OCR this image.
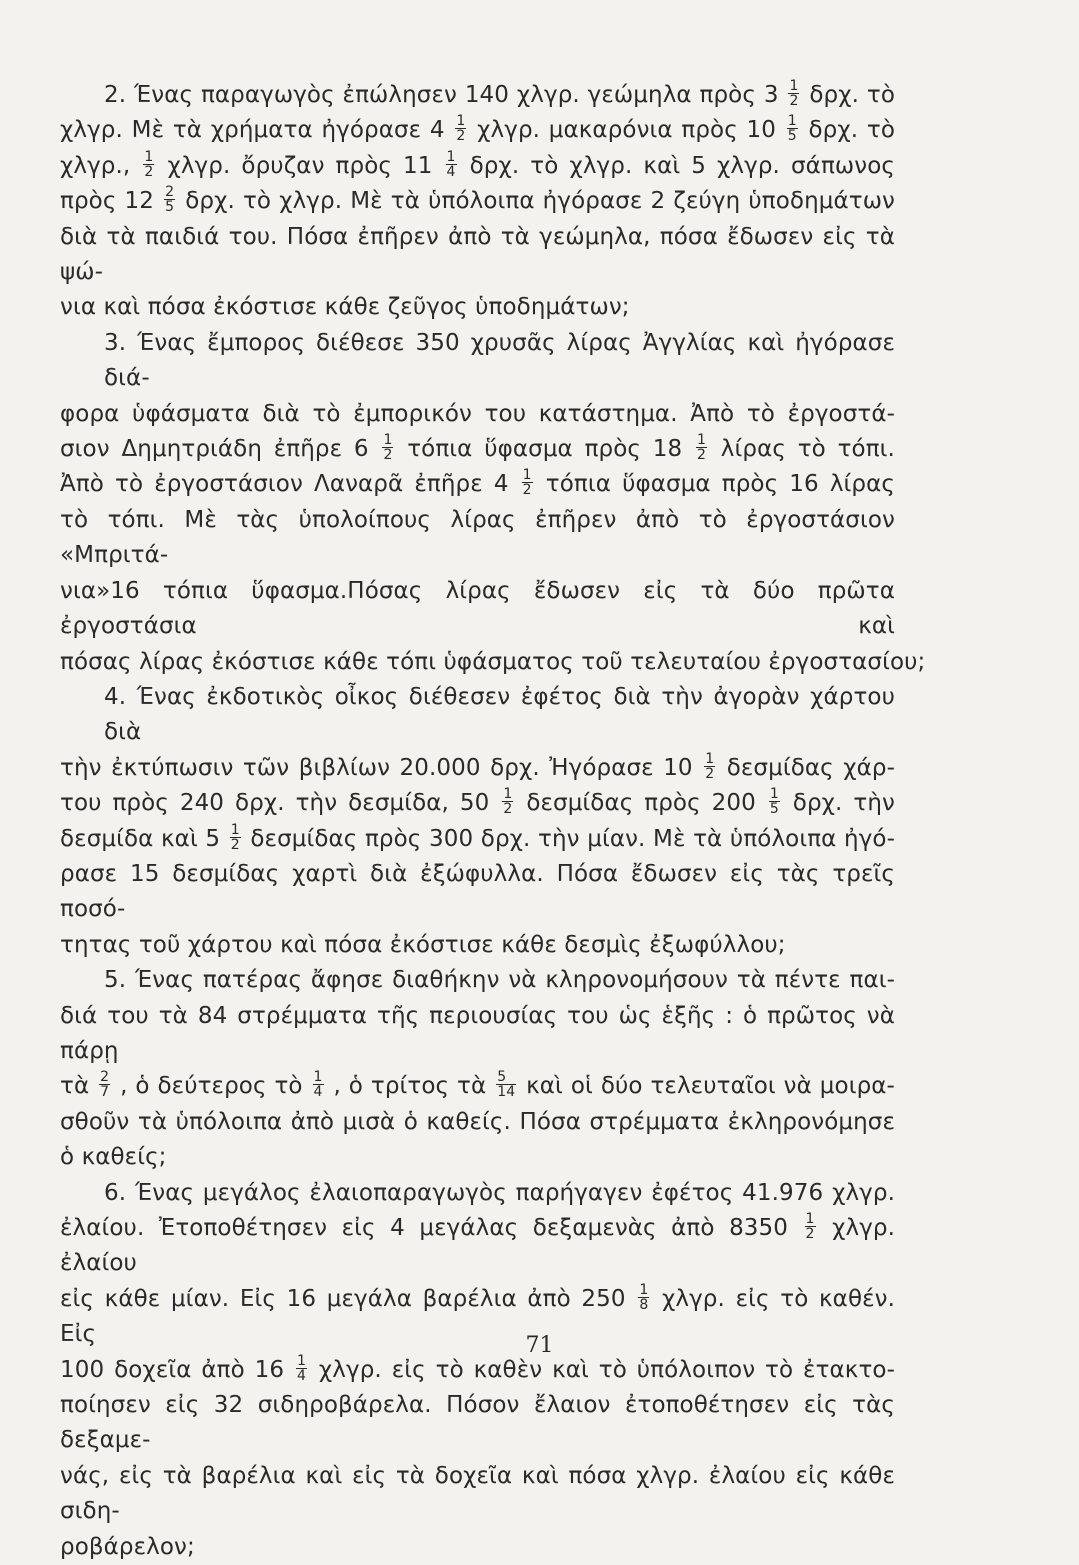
2. Ένας παραγωγὸς ἐπώλησεν 140 χλγρ. γεώμηλα πρὸς $3 \frac{1}{2} \delta\rho\chi$. τὸ
χλγρ. Μὲ τὰ χρήματα ἠγόρασε $4 \frac{1}{2} \chi\lambda\gamma\rho$. μακαρόνια πρὸς $10 \frac{1}{5} \delta\rho\chi$. τὸ
χλγρ., $\frac{1}{2} \chi\lambda\gamma\rho$. ὄρυζαν πρὸς $11 \frac{1}{4} \delta\rho\chi$. τὸ χλγρ. καὶ 5 χλγρ. σάπωνος
πρὸς $12 \frac{2}{5} \delta\rho\chi$. τὸ χλγρ. Μὲ τὰ ὑπόλοιπα ἠγόρασε 2 ζεύγη ὑποδημάτων
διὰ τὰ παιδιά του. Πόσα ἐπῆρεν ἀπὸ τὰ γεώμηλα, πόσα ἔδωσεν εἰς τὰ ψώ-
νια καὶ πόσα ἐκόστισε κάθε ζεῦγος ὑποδημάτων;
3. Ένας ἔμπορος διέθεσε 350 χρυσᾶς λίρας Ἀγγλίας καὶ ἠγόρασε διά-
φορα ὑφάσματα διὰ τὸ ἐμπορικόν του κατάστημα. Ἀπὸ τὸ ἐργοστά-
σιον Δημητριάδη ἐπῆρε $6 \frac{1}{2}$ τόπια ὕφασμα πρὸς $18 \frac{1}{2}$ λίρας τὸ τόπι.
Ἀπὸ τὸ ἐργοστάσιον Λαναρᾶ ἐπῆρε $4 \frac{1}{2}$ τόπια ὕφασμα πρὸς 16 λίρας
τὸ τόπι. Μὲ τὰς ὑπολοίπους λίρας ἐπῆρεν ἀπὸ τὸ ἐργοστάσιον «Μπριτά-
νια»16 τόπια ὕφασμα.Πόσας λίρας ἔδωσεν εἰς τὰ δύο πρῶτα ἐργοστάσια καὶ
πόσας λίρας ἐκόστισε κάθε τόπι ὑφάσματος τοῦ τελευταίου ἐργοστασίου;
4. Ένας ἐκδοτικὸς οἶκος διέθεσεν ἐφέτος διὰ τὴν ἀγορὰν χάρτου διὰ
τὴν ἐκτύπωσιν τῶν βιβλίων 20.000 δρχ. Ἠγόρασε $10 \frac{1}{2}$ δεσμίδας χάρ-
του πρὸς 240 δρχ. τὴν δεσμίδα, $50 \frac{1}{2}$ δεσμίδας πρὸς $200 \frac{1}{5} \delta\rho\chi$. τὴν
δεσμίδα καὶ $5 \frac{1}{2}$ δεσμίδας πρὸς 300 δρχ. τὴν μίαν. Μὲ τὰ ὑπόλοιπα ἠγό-
ρασε 15 δεσμίδας χαρτὶ διὰ ἐξώφυλλα. Πόσα ἔδωσεν εἰς τὰς τρεῖς ποσό-
τητας τοῦ χάρτου καὶ πόσα ἐκόστισε κάθε δεσμὶς ἐξωφύλλου;
5. Ένας πατέρας ἄφησε διαθήκην νὰ κληρονομήσουν τὰ πέντε παι-
διά του τὰ 84 στρέμματα τῆς περιουσίας του ὡς ἑξῆς : ὁ πρῶτος νὰ πάρῃ
τὰ $\frac{2}{7}$ , ὁ δεύτερος τὸ $\frac{1}{4}$ , ὁ τρίτος τὰ $\frac{5}{14}$ καὶ οἱ δύο τελευταῖοι νὰ μοιρα-
σθοῦν τὰ ὑπόλοιπα ἀπὸ μισὰ ὁ καθείς. Πόσα στρέμματα ἐκληρονόμησε
ὁ καθείς;
6. Ένας μεγάλος ἐλαιοπαραγωγὸς παρήγαγεν ἐφέτος 41.976 χλγρ.
ἐλαίου. Ἐτοποθέτησεν εἰς 4 μεγάλας δεξαμενὰς ἀπὸ $8350 \frac{1}{2} \chi\lambda\gamma\rho$. ἐλαίου
εἰς κάθε μίαν. Εἰς 16 μεγάλα βαρέλια ἀπὸ $250 \frac{1}{8} \chi\lambda\gamma\rho$. εἰς τὸ καθέν. Εἰς
100 δοχεῖα ἀπὸ $16 \frac{1}{4} \chi\lambda\gamma\rho$. εἰς τὸ καθὲν καὶ τὸ ὑπόλοιπον τὸ ἐτακτο-
ποίησεν εἰς 32 σιδηροβάρελα. Πόσον ἔλαιον ἐτοποθέτησεν εἰς τὰς δεξαμε-
νάς, εἰς τὰ βαρέλια καὶ εἰς τὰ δοχεῖα καὶ πόσα χλγρ. ἐλαίου εἰς κάθε σιδη-
ροβάρελον;
71
